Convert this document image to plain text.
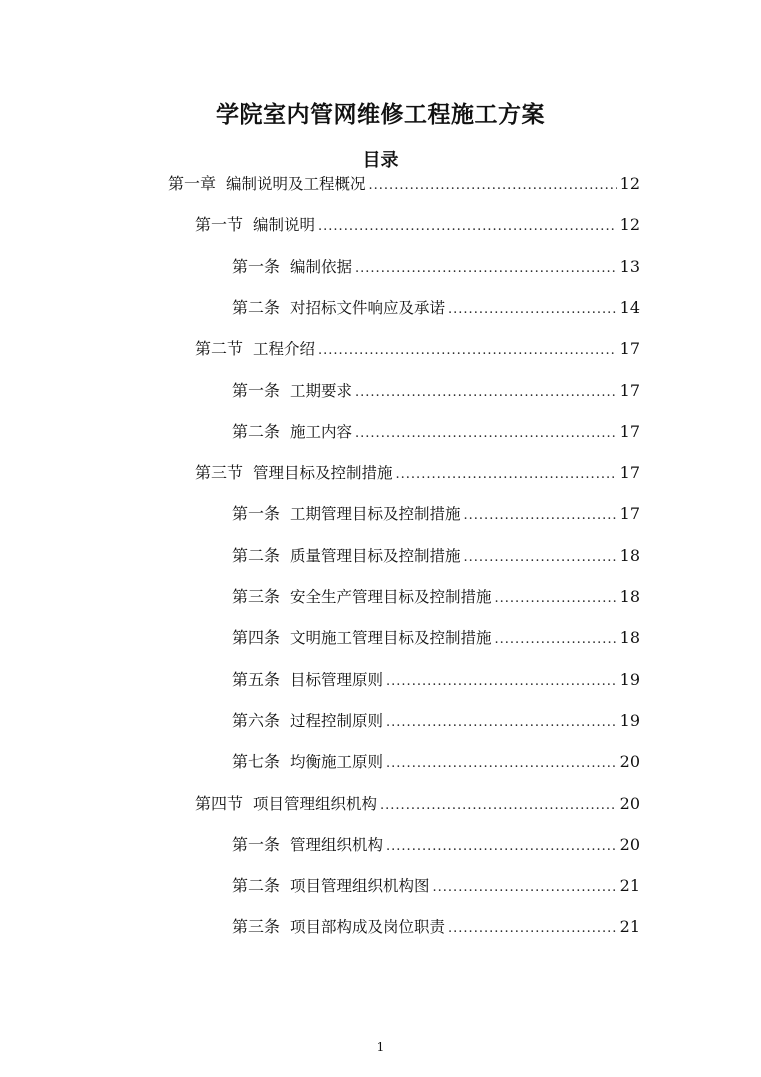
学院室内管网维修工程施工方案
目录
第一章 编制说明及工程概况 .....	12
第一节 编制说明 .....	12
第一条 编制依据 .....	13
第二条 对招标文件响应及承诺 .....	14
第二节 工程介绍 .....	17
第一条 工期要求 .....	17
第二条 施工内容 .....	17
第三节 管理目标及控制措施 .....	17
第一条 工期管理目标及控制措施 .....	17
第二条 质量管理目标及控制措施 .....	18
第三条 安全生产管理目标及控制措施 .....	18
第四条 文明施工管理目标及控制措施 .....	18
第五条 目标管理原则 .....	19
第六条 过程控制原则 .....	19
第七条 均衡施工原则 .....	20
第四节 项目管理组织机构 .....	20
第一条 管理组织机构 .....	20
第二条 项目管理组织机构图 .....	21
第三条 项目部构成及岗位职责 .....	21
1
